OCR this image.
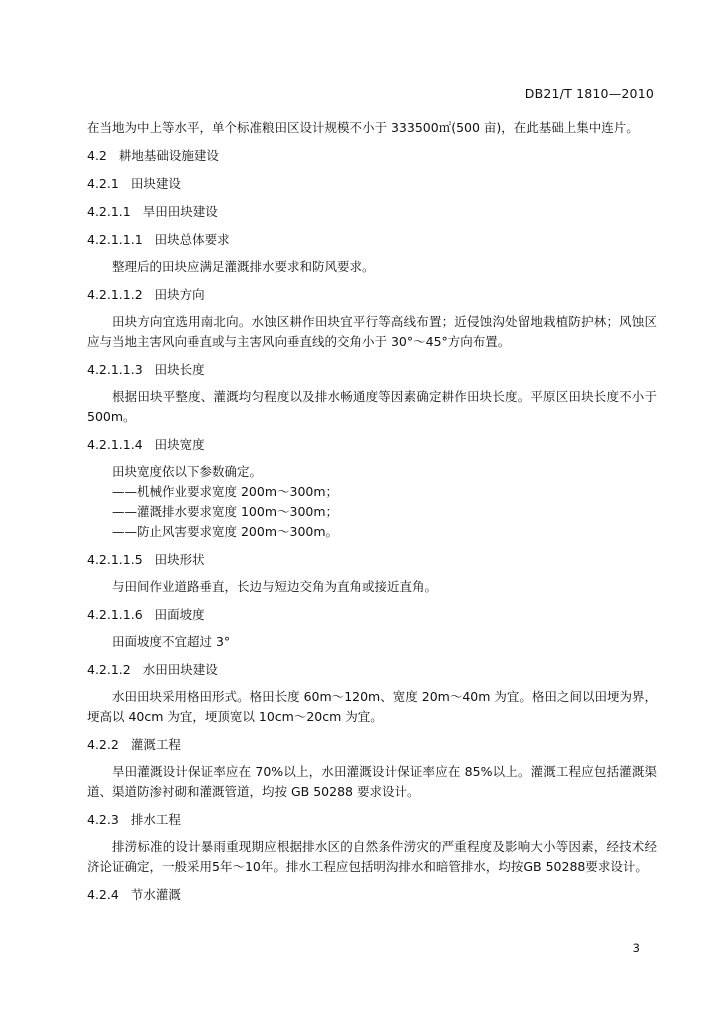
DB21/T 1810—2010

在当地为中上等水平，单个标准粮田区设计规模不小于 333500㎡(500 亩)，在此基础上集中连片。

4.2 耕地基础设施建设

4.2.1 田块建设

4.2.1.1 旱田田块建设

4.2.1.1.1 田块总体要求

整理后的田块应满足灌溉排水要求和防风要求。

4.2.1.1.2 田块方向

田块方向宜选用南北向。水蚀区耕作田块宜平行等高线布置；近侵蚀沟处留地栽植防护林；风蚀区应与当地主害风向垂直或与主害风向垂直线的交角小于 30°～45°方向布置。

4.2.1.1.3 田块长度

根据田块平整度、灌溉均匀程度以及排水畅通度等因素确定耕作田块长度。平原区田块长度不小于 500m。

4.2.1.1.4 田块宽度

田块宽度依以下参数确定。

——机械作业要求宽度 200m～300m；

——灌溉排水要求宽度 100m～300m；

——防止风害要求宽度 200m～300m。

4.2.1.1.5 田块形状

与田间作业道路垂直，长边与短边交角为直角或接近直角。

4.2.1.1.6 田面坡度

田面坡度不宜超过 3°

4.2.1.2 水田田块建设

水田田块采用格田形式。格田长度 60m～120m、宽度 20m～40m 为宜。格田之间以田埂为界，埂高以 40cm 为宜，埂顶宽以 10cm～20cm 为宜。

4.2.2 灌溉工程

旱田灌溉设计保证率应在 70%以上，水田灌溉设计保证率应在 85%以上。灌溉工程应包括灌溉渠道、渠道防渗衬砌和灌溉管道，均按 GB 50288 要求设计。

4.2.3 排水工程

排涝标准的设计暴雨重现期应根据排水区的自然条件涝灾的严重程度及影响大小等因素，经技术经济论证确定，一般采用5年～10年。排水工程应包括明沟排水和暗管排水，均按GB 50288要求设计。

4.2.4 节水灌溉

3
